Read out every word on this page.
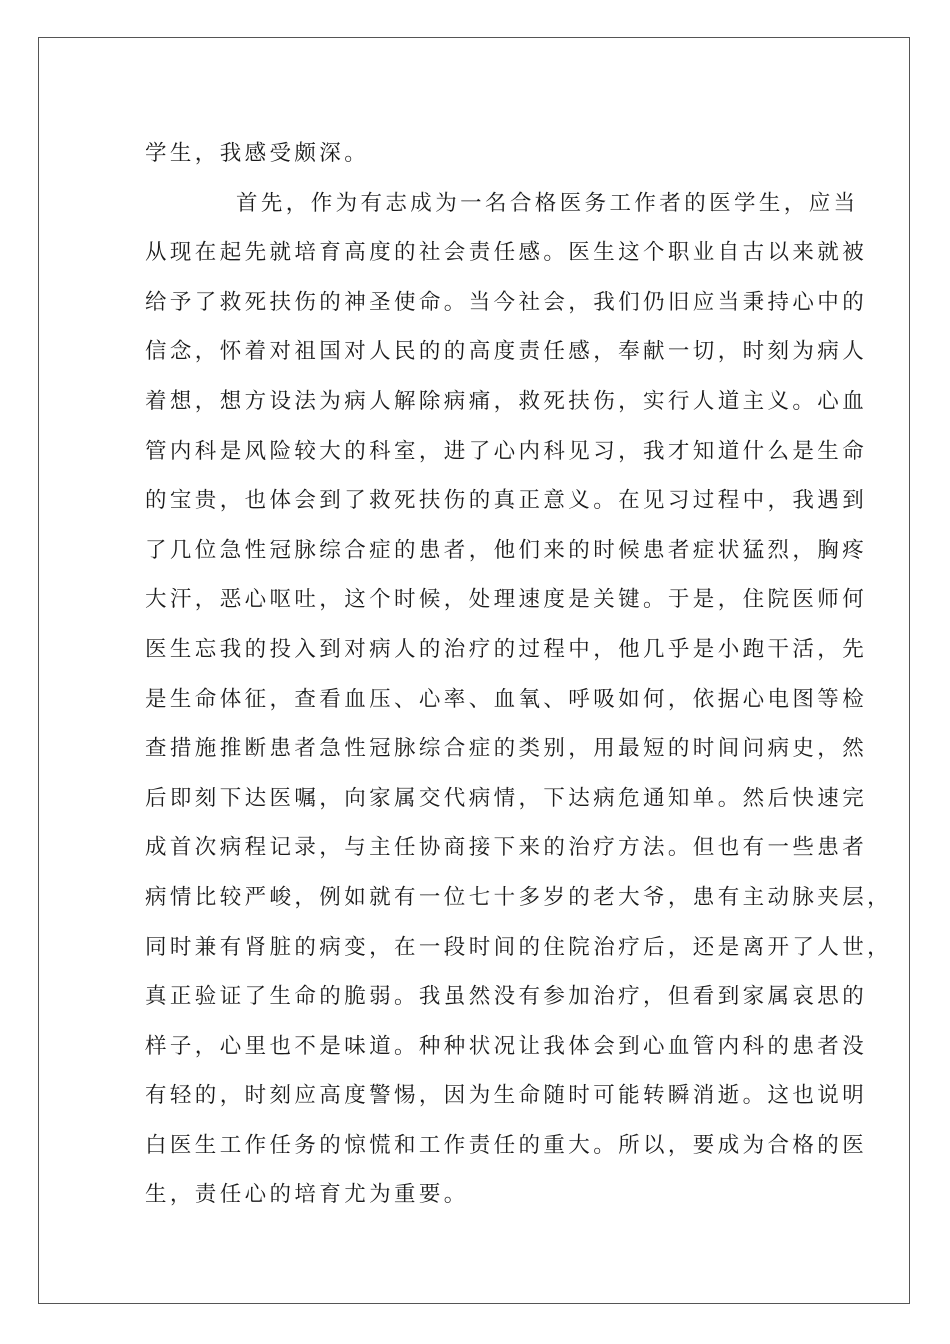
学生，我感受颇深。
首先，作为有志成为一名合格医务工作者的医学生，应当
从现在起先就培育高度的社会责任感。医生这个职业自古以来就被
给予了救死扶伤的神圣使命。当今社会，我们仍旧应当秉持心中的
信念，怀着对祖国对人民的的高度责任感，奉献一切，时刻为病人
着想，想方设法为病人解除病痛，救死扶伤，实行人道主义。心血
管内科是风险较大的科室，进了心内科见习，我才知道什么是生命
的宝贵，也体会到了救死扶伤的真正意义。在见习过程中，我遇到
了几位急性冠脉综合症的患者，他们来的时候患者症状猛烈，胸疼
大汗，恶心呕吐，这个时候，处理速度是关键。于是，住院医师何
医生忘我的投入到对病人的治疗的过程中，他几乎是小跑干活，先
是生命体征，查看血压、心率、血氧、呼吸如何，依据心电图等检
查措施推断患者急性冠脉综合症的类别，用最短的时间问病史，然
后即刻下达医嘱，向家属交代病情，下达病危通知单。然后快速完
成首次病程记录，与主任协商接下来的治疗方法。但也有一些患者
病情比较严峻，例如就有一位七十多岁的老大爷，患有主动脉夹层，
同时兼有肾脏的病变，在一段时间的住院治疗后，还是离开了人世，
真正验证了生命的脆弱。我虽然没有参加治疗，但看到家属哀思的
样子，心里也不是味道。种种状况让我体会到心血管内科的患者没
有轻的，时刻应高度警惕，因为生命随时可能转瞬消逝。这也说明
白医生工作任务的惊慌和工作责任的重大。所以，要成为合格的医
生，责任心的培育尤为重要。
